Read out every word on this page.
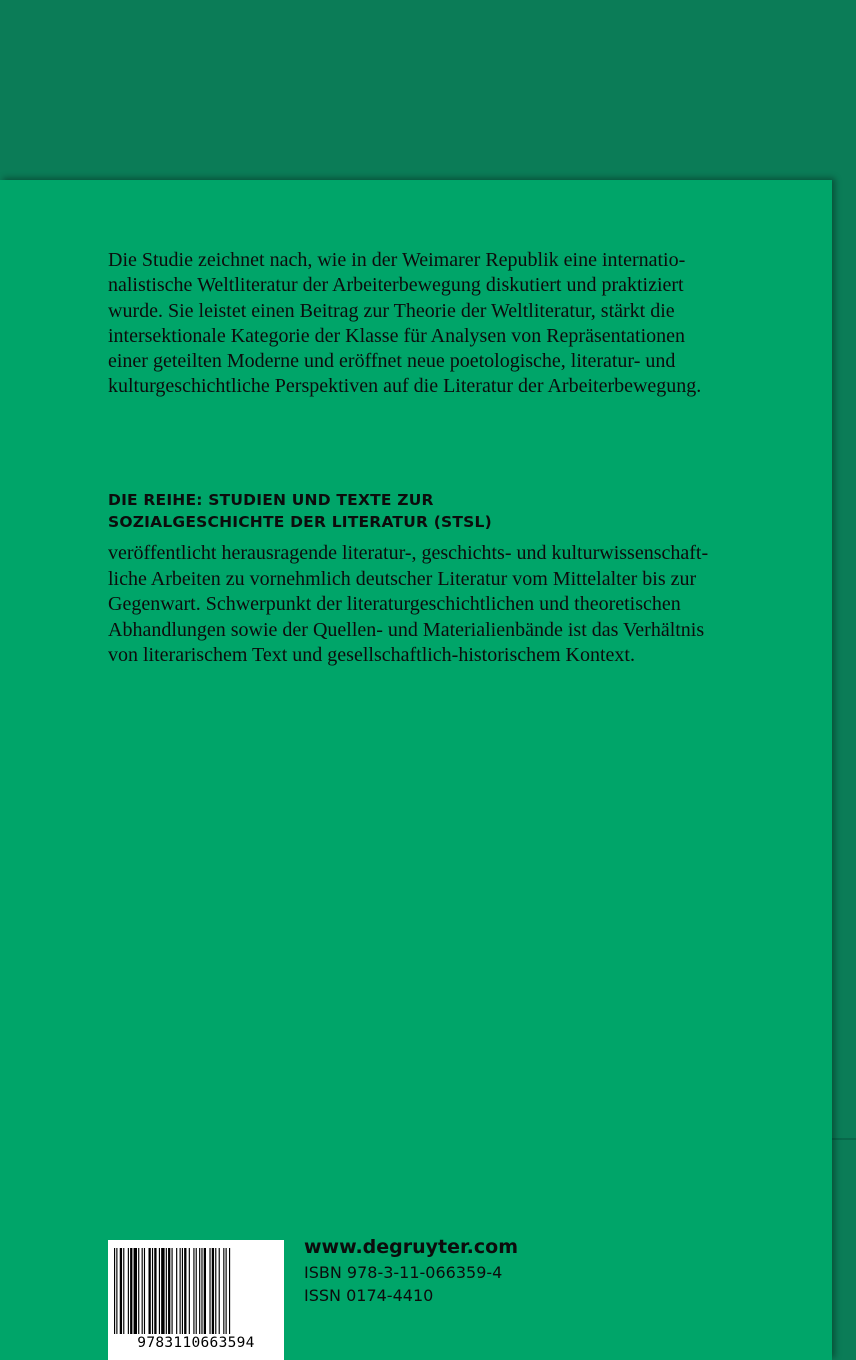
Die Studie zeichnet nach, wie in der Weimarer Republik eine internatio-
nalistische Weltliteratur der Arbeiterbewegung diskutiert und praktiziert
wurde. Sie leistet einen Beitrag zur Theorie der Weltliteratur, stärkt die
intersektionale Kategorie der Klasse für Analysen von Repräsentationen
einer geteilten Moderne und eröffnet neue poetologische, literatur- und
kulturgeschichtliche Perspektiven auf die Literatur der Arbeiterbewegung.

DIE REIHE: STUDIEN UND TEXTE ZUR
SOZIALGESCHICHTE DER LITERATUR (STSL)

veröffentlicht herausragende literatur-, geschichts- und kulturwissenschaft-
liche Arbeiten zu vornehmlich deutscher Literatur vom Mittelalter bis zur
Gegenwart. Schwerpunkt der literaturgeschichtlichen und theoretischen
Abhandlungen sowie der Quellen- und Materialienbände ist das Verhältnis
von literarischem Text und gesellschaftlich-historischem Kontext.

9783110663594

www.degruyter.com

ISBN 978-3-11-066359-4

ISSN 0174-4410
